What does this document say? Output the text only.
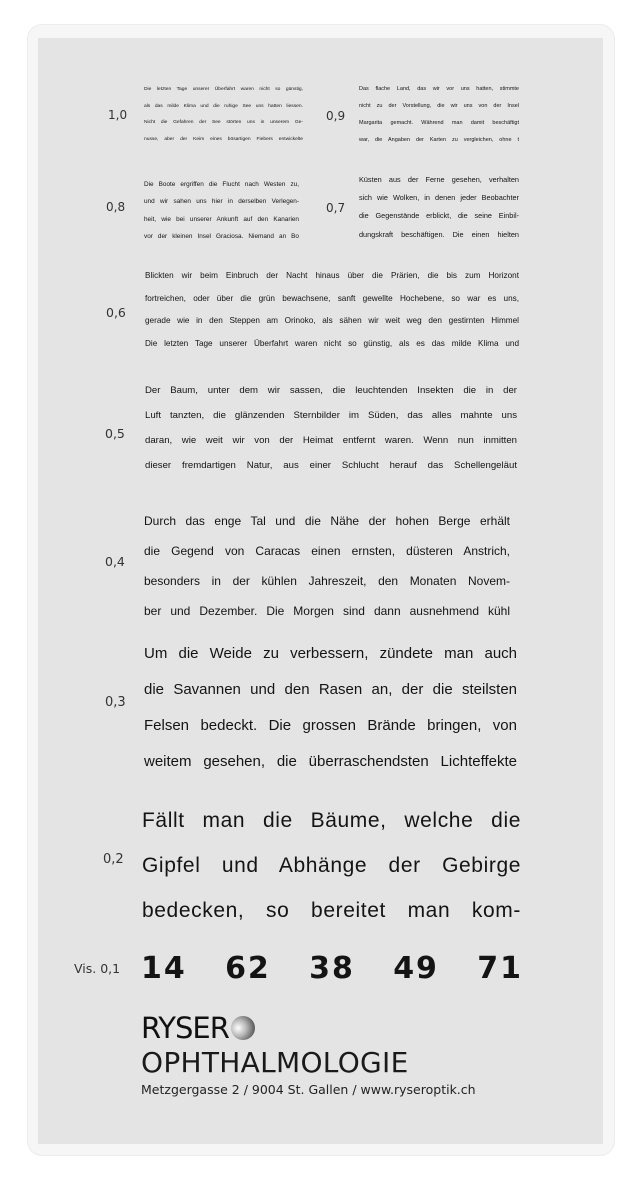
1,0
Die letzten Tage unserer Überfahrt waren nicht so günstig,
als das milde Klima und die ruhige See uns hatten liessen.
Nicht die Gefahren der See störten uns in unserem Ge-
nusse, aber der Keim eines bösartigen Fiebers entwickelte
0,9
Das flache Land, das wir vor uns hatten, stimmte
nicht zu der Vorstellung, die wir uns von der Insel
Margarita gemacht. Während man damit beschäftigt
war, die Angaben der Karten zu vergleichen, ohne t
0,8
Die Boote ergriffen die Flucht nach Westen zu,
und wir sahen uns hier in derselben Verlegen-
heit, wie bei unserer Ankunft auf den Kanarien
vor der kleinen Insel Graciosa. Niemand an Bo
0,7
Küsten aus der Ferne gesehen, verhalten
sich wie Wolken, in denen jeder Beobachter
die Gegenstände erblickt, die seine Einbil-
dungskraft beschäftigen. Die einen hielten
0,6
Blickten wir beim Einbruch der Nacht hinaus über die Prärien, die bis zum Horizont
fortreichen, oder über die grün bewachsene, sanft gewellte Hochebene, so war es uns,
gerade wie in den Steppen am Orinoko, als sähen wir weit weg den gestirnten Himmel
Die letzten Tage unserer Überfahrt waren nicht so günstig, als es das milde Klima und
0,5
Der Baum, unter dem wir sassen, die leuchtenden Insekten die in der
Luft tanzten, die glänzenden Sternbilder im Süden, das alles mahnte uns
daran, wie weit wir von der Heimat entfernt waren. Wenn nun inmitten
dieser fremdartigen Natur, aus einer Schlucht herauf das Schellengeläut
0,4
Durch das enge Tal und die Nähe der hohen Berge erhält
die Gegend von Caracas einen ernsten, düsteren Anstrich,
besonders in der kühlen Jahreszeit, den Monaten Novem-
ber und Dezember. Die Morgen sind dann ausnehmend kühl
0,3
Um die Weide zu verbessern, zündete man auch
die Savannen und den Rasen an, der die steilsten
Felsen bedeckt. Die grossen Brände bringen, von
weitem gesehen, die überraschendsten Lichteffekte
0,2
Fällt man die Bäume, welche die
Gipfel und Abhänge der Gebirge
bedecken, so bereitet man kom-
Vis. 0,1 14 62 38 49 71
RYSER
OPHTHALMOLOGIE
Metzgergasse 2 / 9004 St. Gallen / www.ryseroptik.ch
